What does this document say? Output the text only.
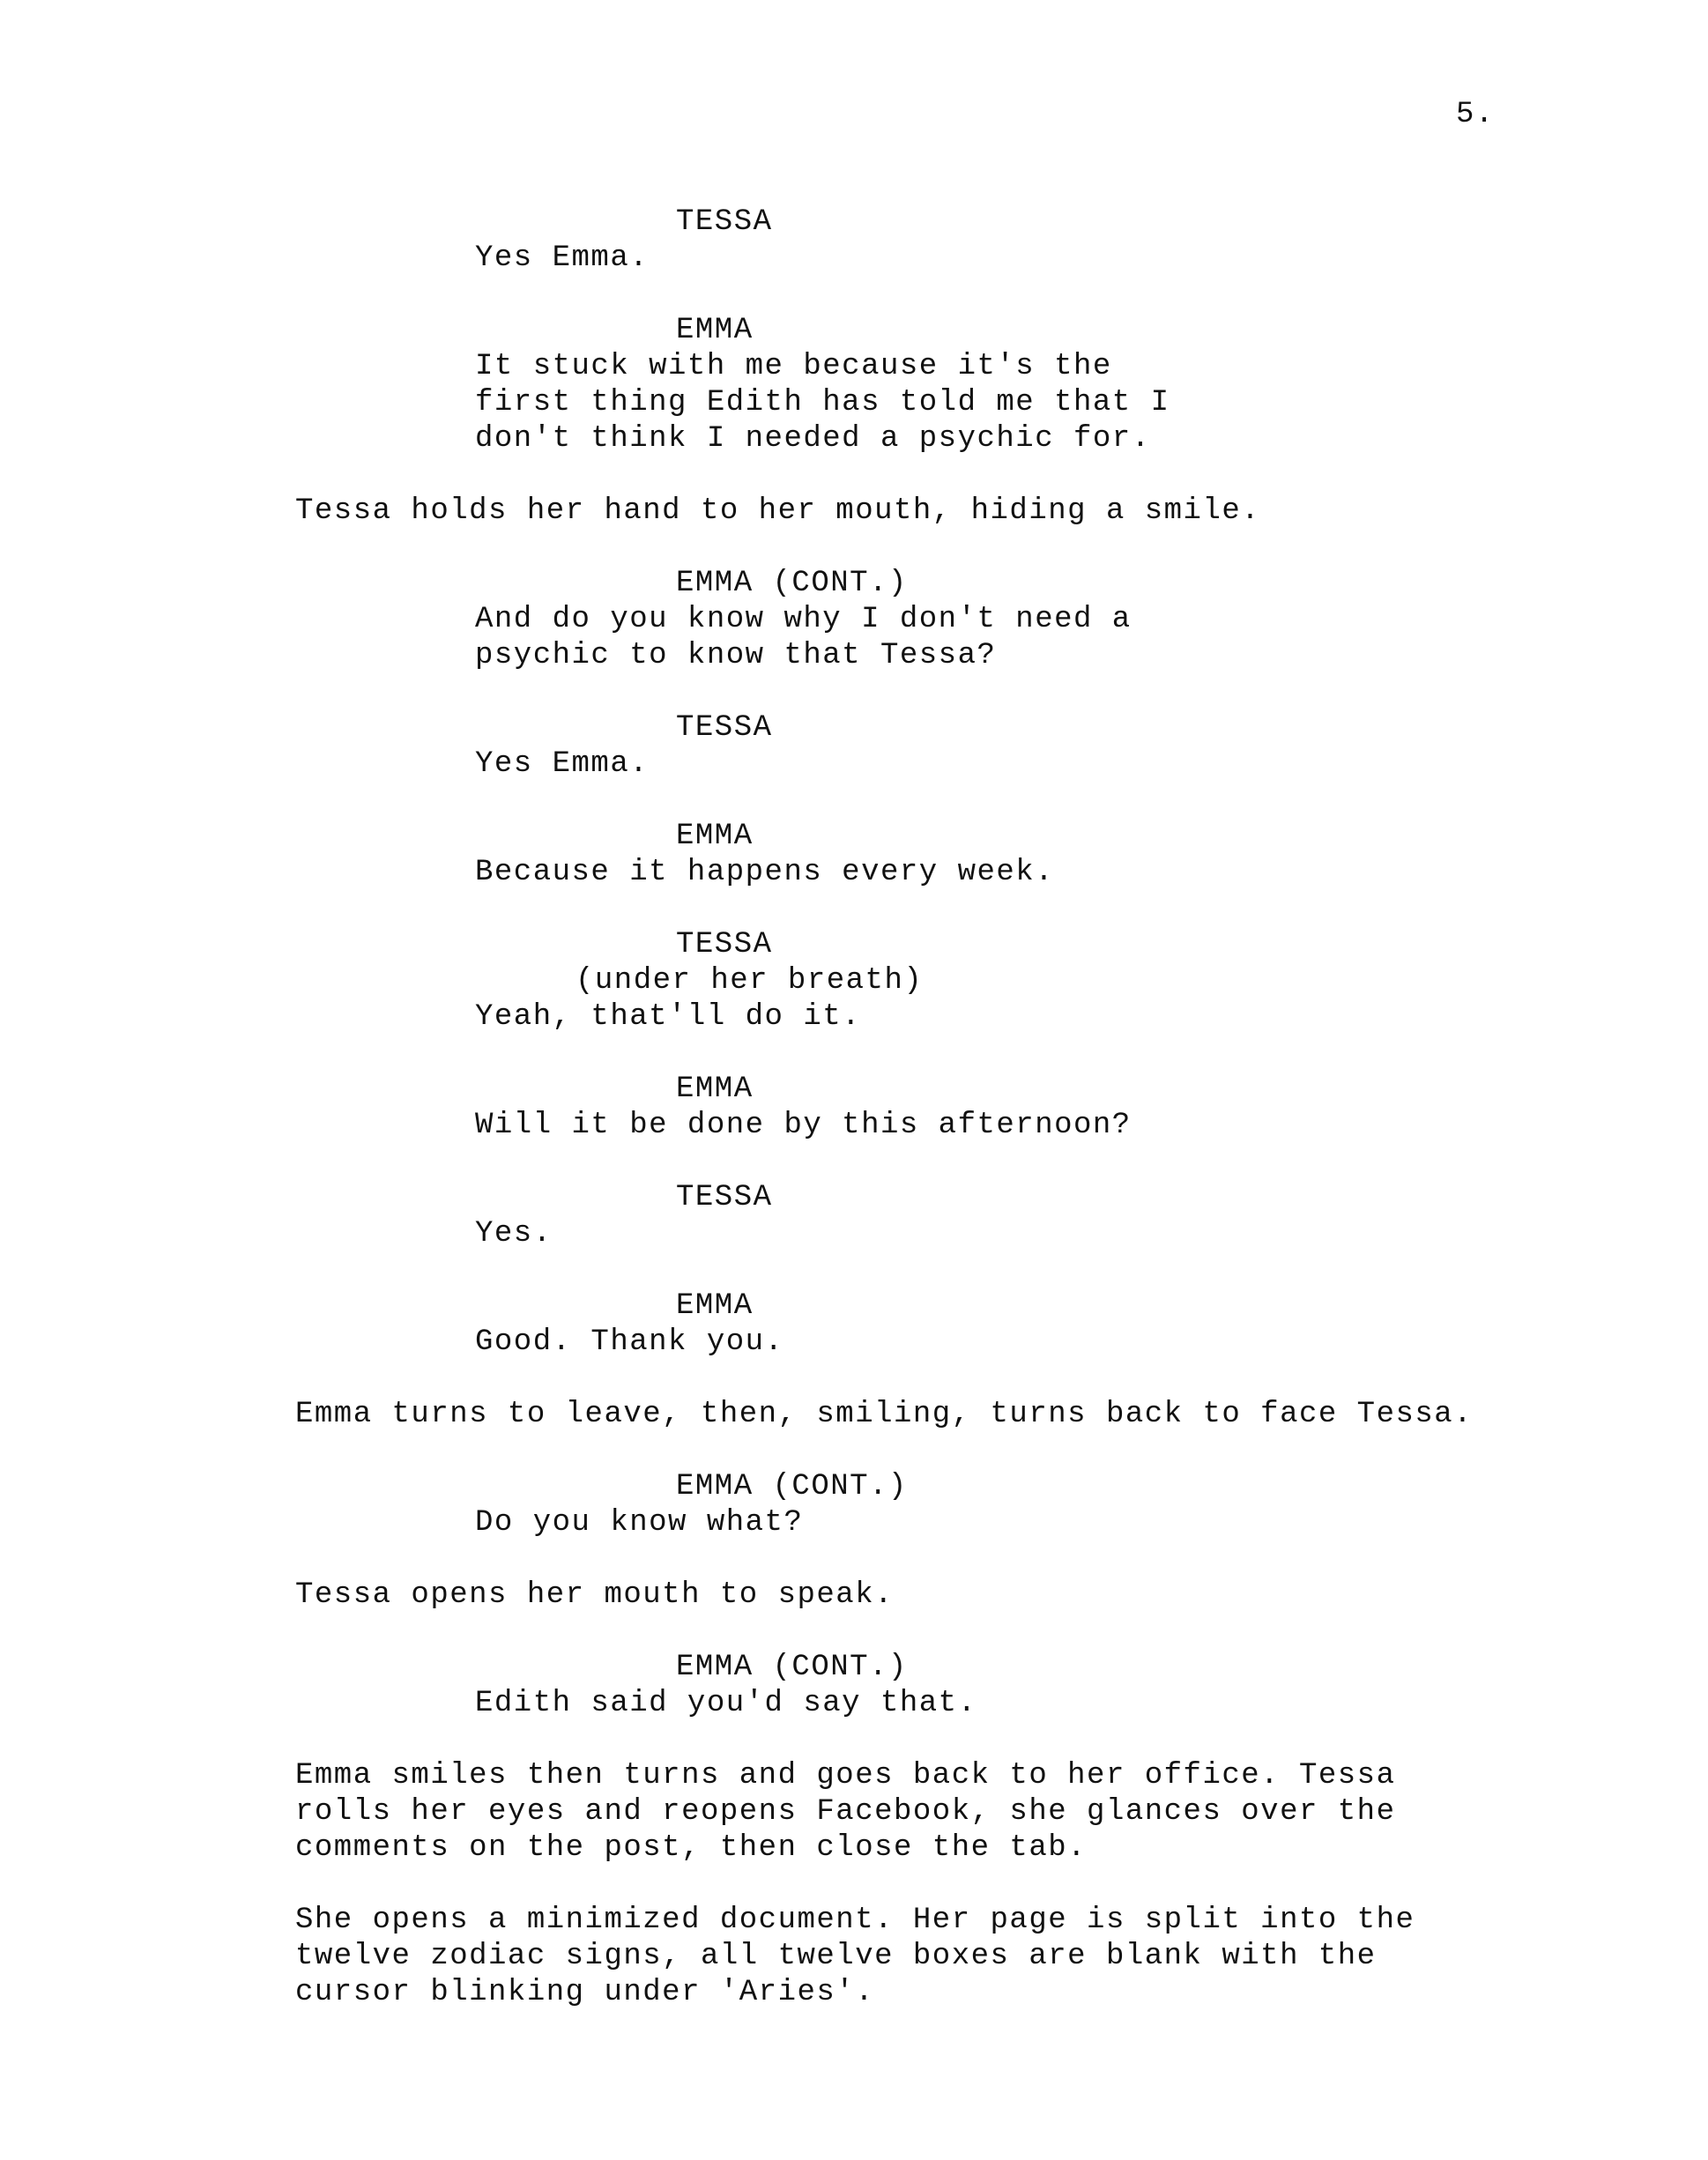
5.
TESSA
Yes Emma.
EMMA
It stuck with me because it's the
first thing Edith has told me that I
don't think I needed a psychic for.
Tessa holds her hand to her mouth, hiding a smile.
EMMA (CONT.)
And do you know why I don't need a
psychic to know that Tessa?
TESSA
Yes Emma.
EMMA
Because it happens every week.
TESSA
(under her breath)
Yeah, that'll do it.
EMMA
Will it be done by this afternoon?
TESSA
Yes.
EMMA
Good. Thank you.
Emma turns to leave, then, smiling, turns back to face Tessa.
EMMA (CONT.)
Do you know what?
Tessa opens her mouth to speak.
EMMA (CONT.)
Edith said you'd say that.
Emma smiles then turns and goes back to her office. Tessa
rolls her eyes and reopens Facebook, she glances over the
comments on the post, then close the tab.
She opens a minimized document. Her page is split into the
twelve zodiac signs, all twelve boxes are blank with the
cursor blinking under 'Aries'.
